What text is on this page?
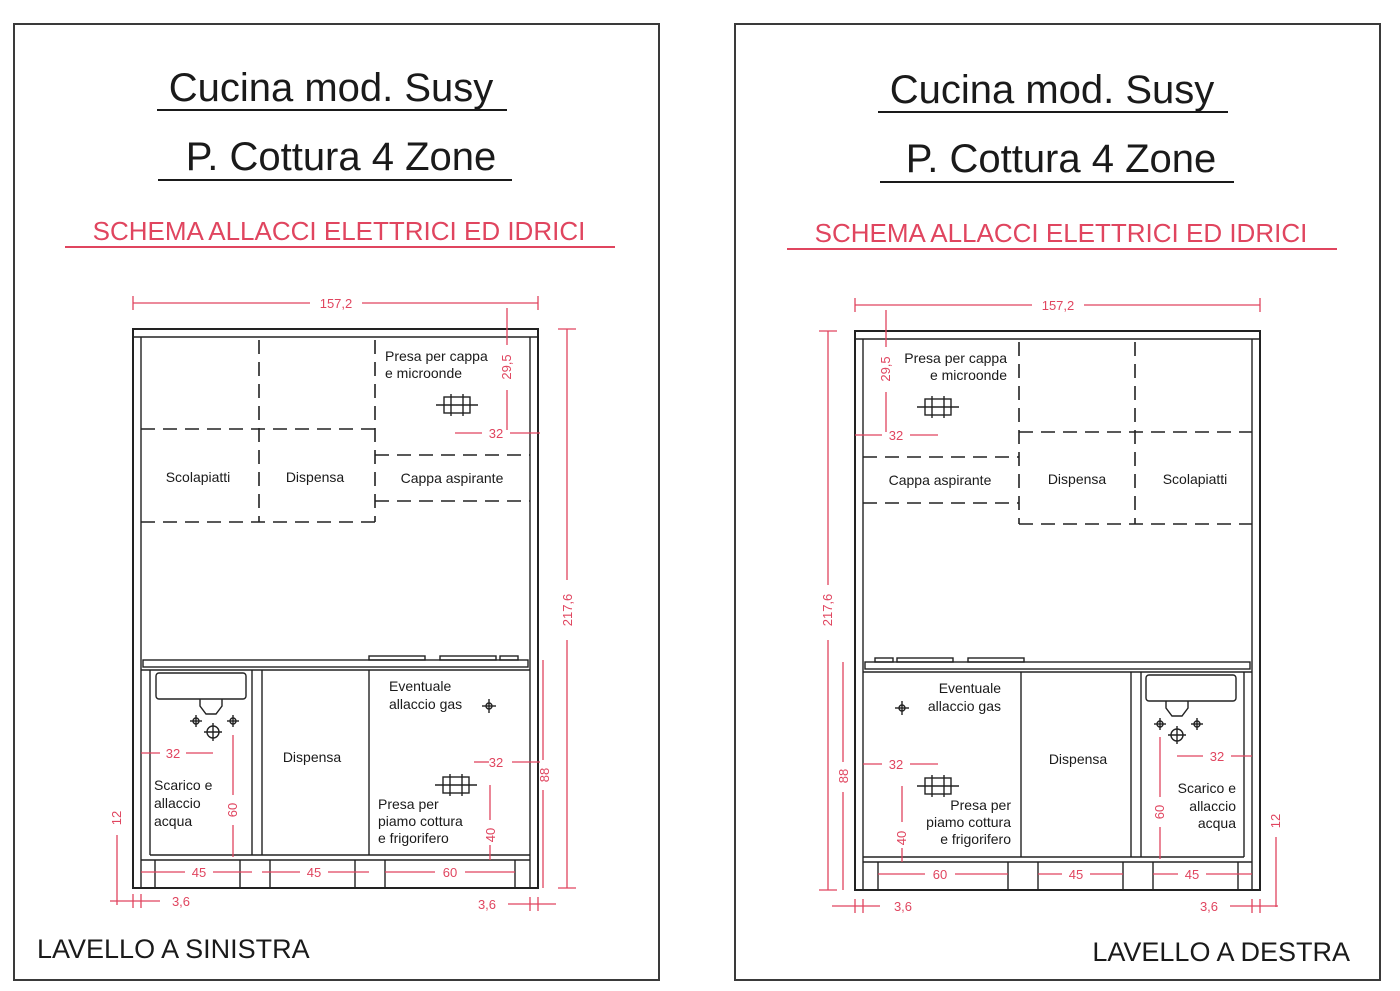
Cucina mod. Susy
P. Cottura 4 Zone
SCHEMA ALLACCI ELETTRICI ED IDRICI
Presa per cappa
e microonde
Scolapiatti	Dispensa	Cappa aspirante
Eventuale
allaccio gas
Dispensa
Scarico e
allaccio
acqua
Presa per
piamo cottura
e frigorifero
157,2
217,6
29,5
32
32
60
32
40
88
12
45	45	60
3,6	3,6
LAVELLO A SINISTRA
Cucina mod. Susy
P. Cottura 4 Zone
SCHEMA ALLACCI ELETTRICI ED IDRICI
Presa per cappa
e microonde
Cappa aspirante	Dispensa	Scolapiatti
Eventuale
allaccio gas
Dispensa
Scarico e
allaccio
acqua
Presa per
piamo cottura
e frigorifero
157,2
217,6
29,5
32
32
60
32
40
88
12
60	45	45
3,6	3,6
LAVELLO A DESTRA
